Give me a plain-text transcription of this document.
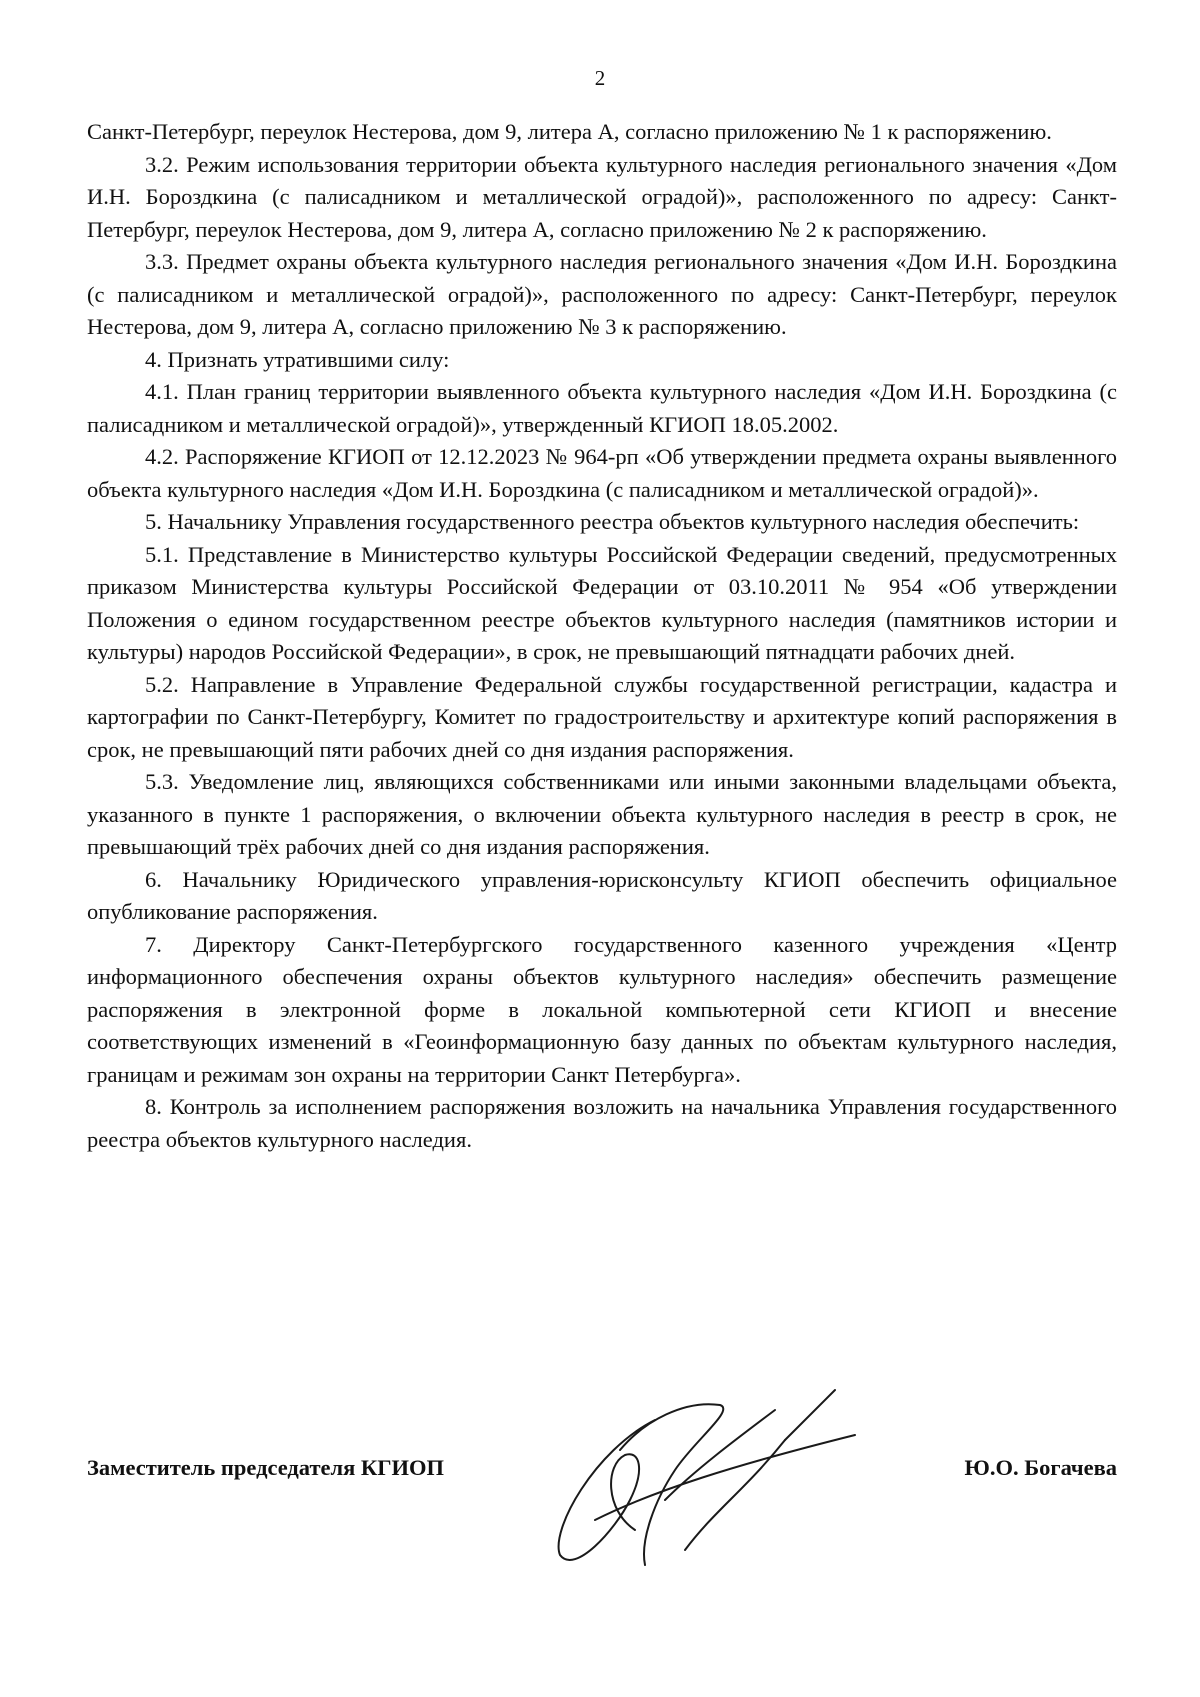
2

Санкт-Петербург, переулок Нестерова, дом 9, литера А, согласно приложению № 1 к распоряжению.

3.2. Режим использования территории объекта культурного наследия регионального значения «Дом И.Н. Бороздкина (с палисадником и металлической оградой)», расположенного по адресу: Санкт-Петербург, переулок Нестерова, дом 9, литера А, согласно приложению № 2 к распоряжению.

3.3. Предмет охраны объекта культурного наследия регионального значения «Дом И.Н. Бороздкина (с палисадником и металлической оградой)», расположенного по адресу: Санкт-Петербург, переулок Нестерова, дом 9, литера А, согласно приложению № 3 к распоряжению.

4. Признать утратившими силу:

4.1. План границ территории выявленного объекта культурного наследия «Дом И.Н. Бороздкина (с палисадником и металлической оградой)», утвержденный КГИОП 18.05.2002.

4.2. Распоряжение КГИОП от 12.12.2023 № 964-рп «Об утверждении предмета охраны выявленного объекта культурного наследия «Дом И.Н. Бороздкина (с палисадником и металлической оградой)».

5. Начальнику Управления государственного реестра объектов культурного наследия обеспечить:

5.1. Представление в Министерство культуры Российской Федерации сведений, предусмотренных приказом Министерства культуры Российской Федерации от 03.10.2011 № 954 «Об утверждении Положения о едином государственном реестре объектов культурного наследия (памятников истории и культуры) народов Российской Федерации», в срок, не превышающий пятнадцати рабочих дней.

5.2. Направление в Управление Федеральной службы государственной регистрации, кадастра и картографии по Санкт-Петербургу, Комитет по градостроительству и архитектуре копий распоряжения в срок, не превышающий пяти рабочих дней со дня издания распоряжения.

5.3. Уведомление лиц, являющихся собственниками или иными законными владельцами объекта, указанного в пункте 1 распоряжения, о включении объекта культурного наследия в реестр в срок, не превышающий трёх рабочих дней со дня издания распоряжения.

6. Начальнику Юридического управления-юрисконсульту КГИОП обеспечить официальное опубликование распоряжения.

7. Директору Санкт-Петербургского государственного казенного учреждения «Центр информационного обеспечения охраны объектов культурного наследия» обеспечить размещение распоряжения в электронной форме в локальной компьютерной сети КГИОП и внесение соответствующих изменений в «Геоинформационную базу данных по объектам культурного наследия, границам и режимам зон охраны на территории Санкт Петербурга».

8. Контроль за исполнением распоряжения возложить на начальника Управления государственного реестра объектов культурного наследия.

Заместитель председателя КГИОП	Ю.О. Богачева
